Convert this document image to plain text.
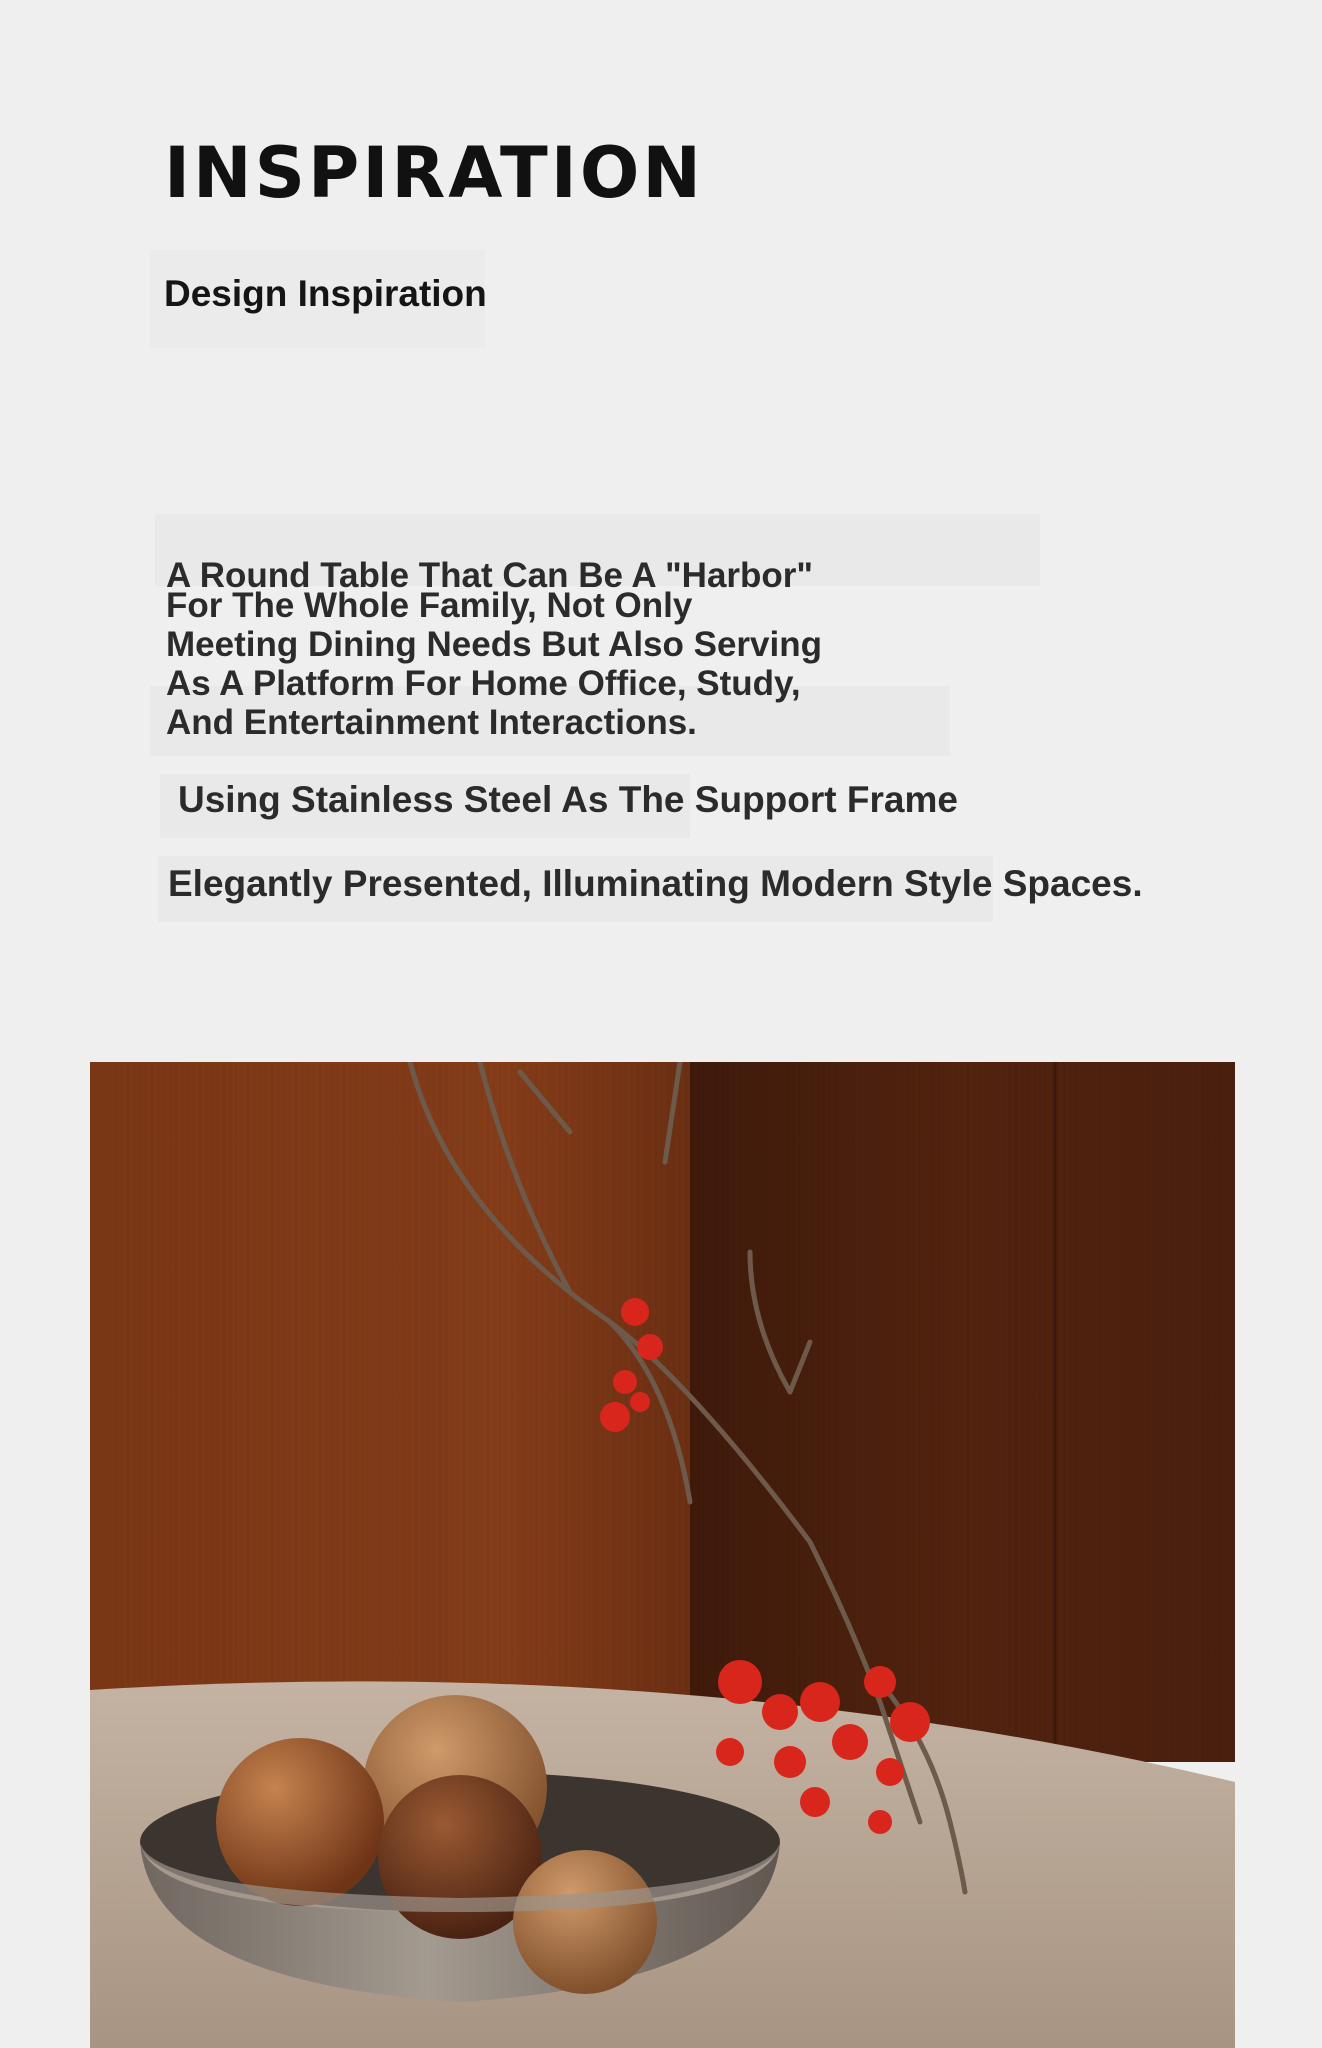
INSPIRATION
Design Inspiration
A Round Table That Can Be A "Harbor"
For The Whole Family, Not Only
Meeting Dining Needs But Also Serving
As A Platform For Home Office, Study,
And Entertainment Interactions.
Using Stainless Steel As The Support Frame
Elegantly Presented, Illuminating Modern Style Spaces.
